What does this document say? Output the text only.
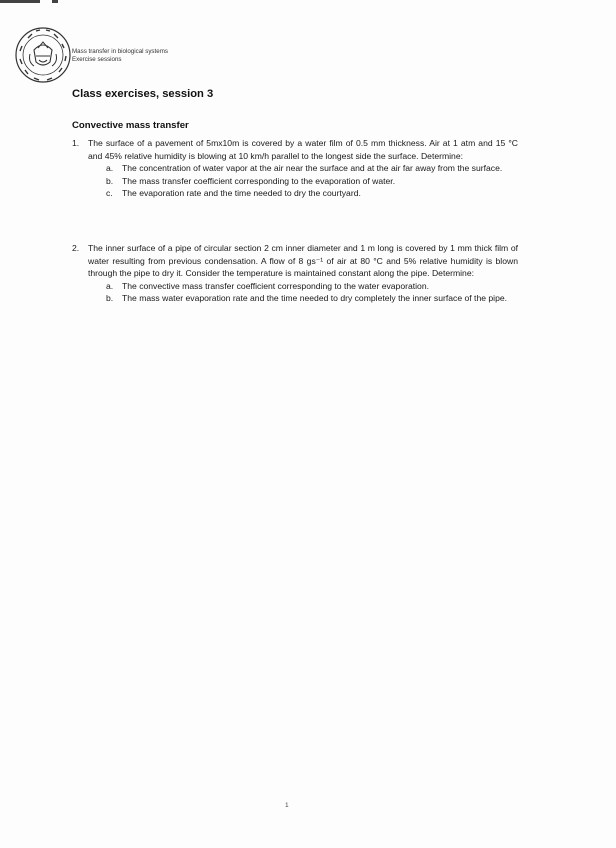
Mass transfer in biological systems
Exercise sessions
Class exercises, session 3
Convective mass transfer
1. The surface of a pavement of 5mx10m is covered by a water film of 0.5 mm thickness. Air at 1 atm and 15 °C and 45% relative humidity is blowing at 10 km/h parallel to the longest side the surface. Determine:
a. The concentration of water vapor at the air near the surface and at the air far away from the surface.
b. The mass transfer coefficient corresponding to the evaporation of water.
c. The evaporation rate and the time needed to dry the courtyard.
2. The inner surface of a pipe of circular section 2 cm inner diameter and 1 m long is covered by 1 mm thick film of water resulting from previous condensation. A flow of 8 gs⁻¹ of air at 80 °C and 5% relative humidity is blown through the pipe to dry it. Consider the temperature is maintained constant along the pipe. Determine:
a. The convective mass transfer coefficient corresponding to the water evaporation.
b. The mass water evaporation rate and the time needed to dry completely the inner surface of the pipe.
1
